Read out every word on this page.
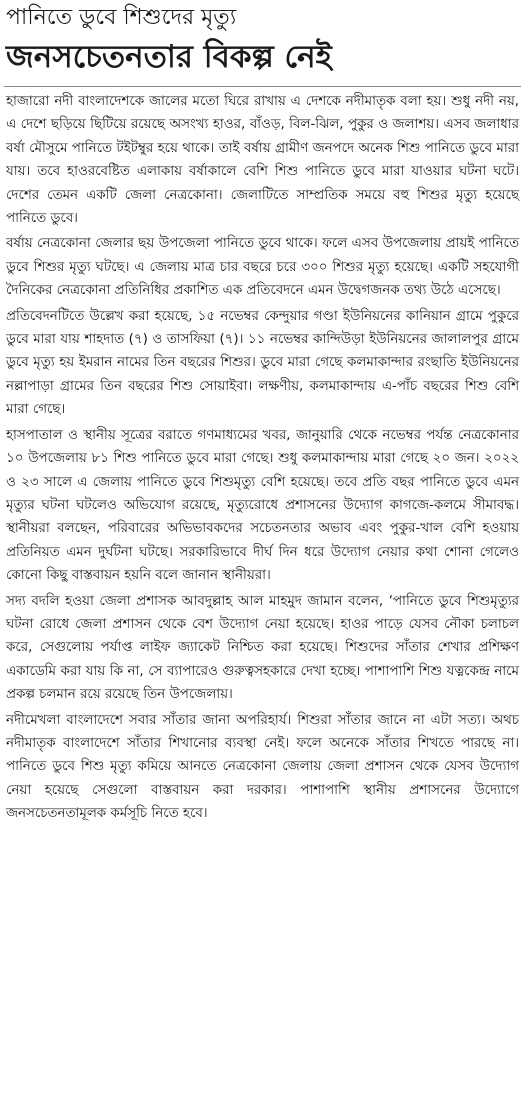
পানিতে ডুবে শিশুদের মৃত্যু
জনসচেতনতার বিকল্প নেই

হাজারো নদী বাংলাদেশকে জালের মতো ঘিরে রাখায় এ দেশকে নদীমাতৃক বলা হয়। শুধু নদী নয়, এ দেশে ছড়িয়ে ছিটিয়ে রয়েছে অসংখ্য হাওর, বাঁওড়, বিল-ঝিল, পুকুর ও জলাশয়। এসব জলাধার বর্ষা মৌসুমে পানিতে টইটম্বুর হয়ে থাকে। তাই বর্ষায় গ্রামীণ জনপদে অনেক শিশু পানিতে ডুবে মারা যায়। তবে হাওরবেষ্টিত এলাকায় বর্ষাকালে বেশি শিশু পানিতে ডুবে মারা যাওয়ার ঘটনা ঘটে। দেশের তেমন একটি জেলা নেত্রকোনা। জেলাটিতে সাম্প্রতিক সময়ে বহু শিশুর মৃত্যু হয়েছে পানিতে ডুবে।

বর্ষায় নেত্রকোনা জেলার ছয় উপজেলা পানিতে ডুবে থাকে। ফলে এসব উপজেলায় প্রায়ই পানিতে ডুবে শিশুর মৃত্যু ঘটছে। এ জেলায় মাত্র চার বছরে চরে ৩০০ শিশুর মৃত্যু হয়েছে। একটি সহযোগী দৈনিকের নেত্রকোনা প্রতিনিধির প্রকাশিত এক প্রতিবেদনে এমন উদ্বেগজনক তথ্য উঠে এসেছে।

প্রতিবেদনটিতে উল্লেখ করা হয়েছে, ১৫ নভেম্বর কেন্দুয়ার গণ্ডা ইউনিয়নের কানিয়ান গ্রামে পুকুরে ডুবে মারা যায় শাহদাত (৭) ও তাসফিয়া (৭)। ১১ নভেম্বর কান্দিউড়া ইউনিয়নের জালালপুর গ্রামে ডুবে মৃত্যু হয় ইমরান নামের তিন বছরের শিশুর। ডুবে মারা গেছে কলমাকান্দার রংছাতি ইউনিয়নের নল্লাপাড়া গ্রামের তিন বছরের শিশু সোয়াইবা। লক্ষণীয়, কলমাকান্দায় এ-পাঁচ বছরের শিশু বেশি মারা গেছে।

হাসপাতাল ও স্থানীয় সূত্রের বরাতে গণমাধ্যমের খবর, জানুয়ারি থেকে নভেম্বর পর্যন্ত নেত্রকোনার ১০ উপজেলায় ৮১ শিশু পানিতে ডুবে মারা গেছে। শুধু কলমাকান্দায় মারা গেছে ২০ জন। ২০২২ ও ২৩ সালে এ জেলায় পানিতে ডুবে শিশুমৃত্যু বেশি হয়েছে। তবে প্রতি বছর পানিতে ডুবে এমন মৃত্যুর ঘটনা ঘটলেও অভিযোগ রয়েছে, মৃত্যুরোধে প্রশাসনের উদ্যোগ কাগজে-কলমে সীমাবদ্ধ। স্থানীয়রা বলছেন, পরিবারের অভিভাবকদের সচেতনতার অভাব এবং পুকুর-খাল বেশি হওয়ায় প্রতিনিয়ত এমন দুর্ঘটনা ঘটছে। সরকারিভাবে দীর্ঘ দিন ধরে উদ্যোগ নেয়ার কথা শোনা গেলেও কোনো কিছু বাস্তবায়ন হয়নি বলে জানান স্থানীয়রা।

সদ্য বদলি হওয়া জেলা প্রশাসক আবদুল্লাহ আল মাহমুদ জামান বলেন, ‘পানিতে ডুবে শিশুমৃত্যুর ঘটনা রোধে জেলা প্রশাসন থেকে বেশ উদ্যোগ নেয়া হয়েছে। হাওর পাড়ে যেসব নৌকা চলাচল করে, সেগুলোয় পর্যাপ্ত লাইফ জ্যাকেট নিশ্চিত করা হয়েছে। শিশুদের সাঁতার শেখার প্রশিক্ষণ একাডেমি করা যায় কি না, সে ব্যাপারেও গুরুত্বসহকারে দেখা হচ্ছে। পাশাপাশি শিশু যত্নকেন্দ্র নামে প্রকল্প চলমান রয়ে রয়েছে তিন উপজেলায়।

নদীমেখলা বাংলাদেশে সবার সাঁতার জানা অপরিহার্য। শিশুরা সাঁতার জানে না এটা সত্য। অথচ নদীমাতৃক বাংলাদেশে সাঁতার শিখানোর ব্যবস্থা নেই। ফলে অনেকে সাঁতার শিখতে পারছে না। পানিতে ডুবে শিশু মৃত্যু কমিয়ে আনতে নেত্রকোনা জেলায় জেলা প্রশাসন থেকে যেসব উদ্যোগ নেয়া হয়েছে সেগুলো বাস্তবায়ন করা দরকার। পাশাপাশি স্থানীয় প্রশাসনের উদ্যোগে জনসচেতনতামূলক কর্মসূচি নিতে হবে।
